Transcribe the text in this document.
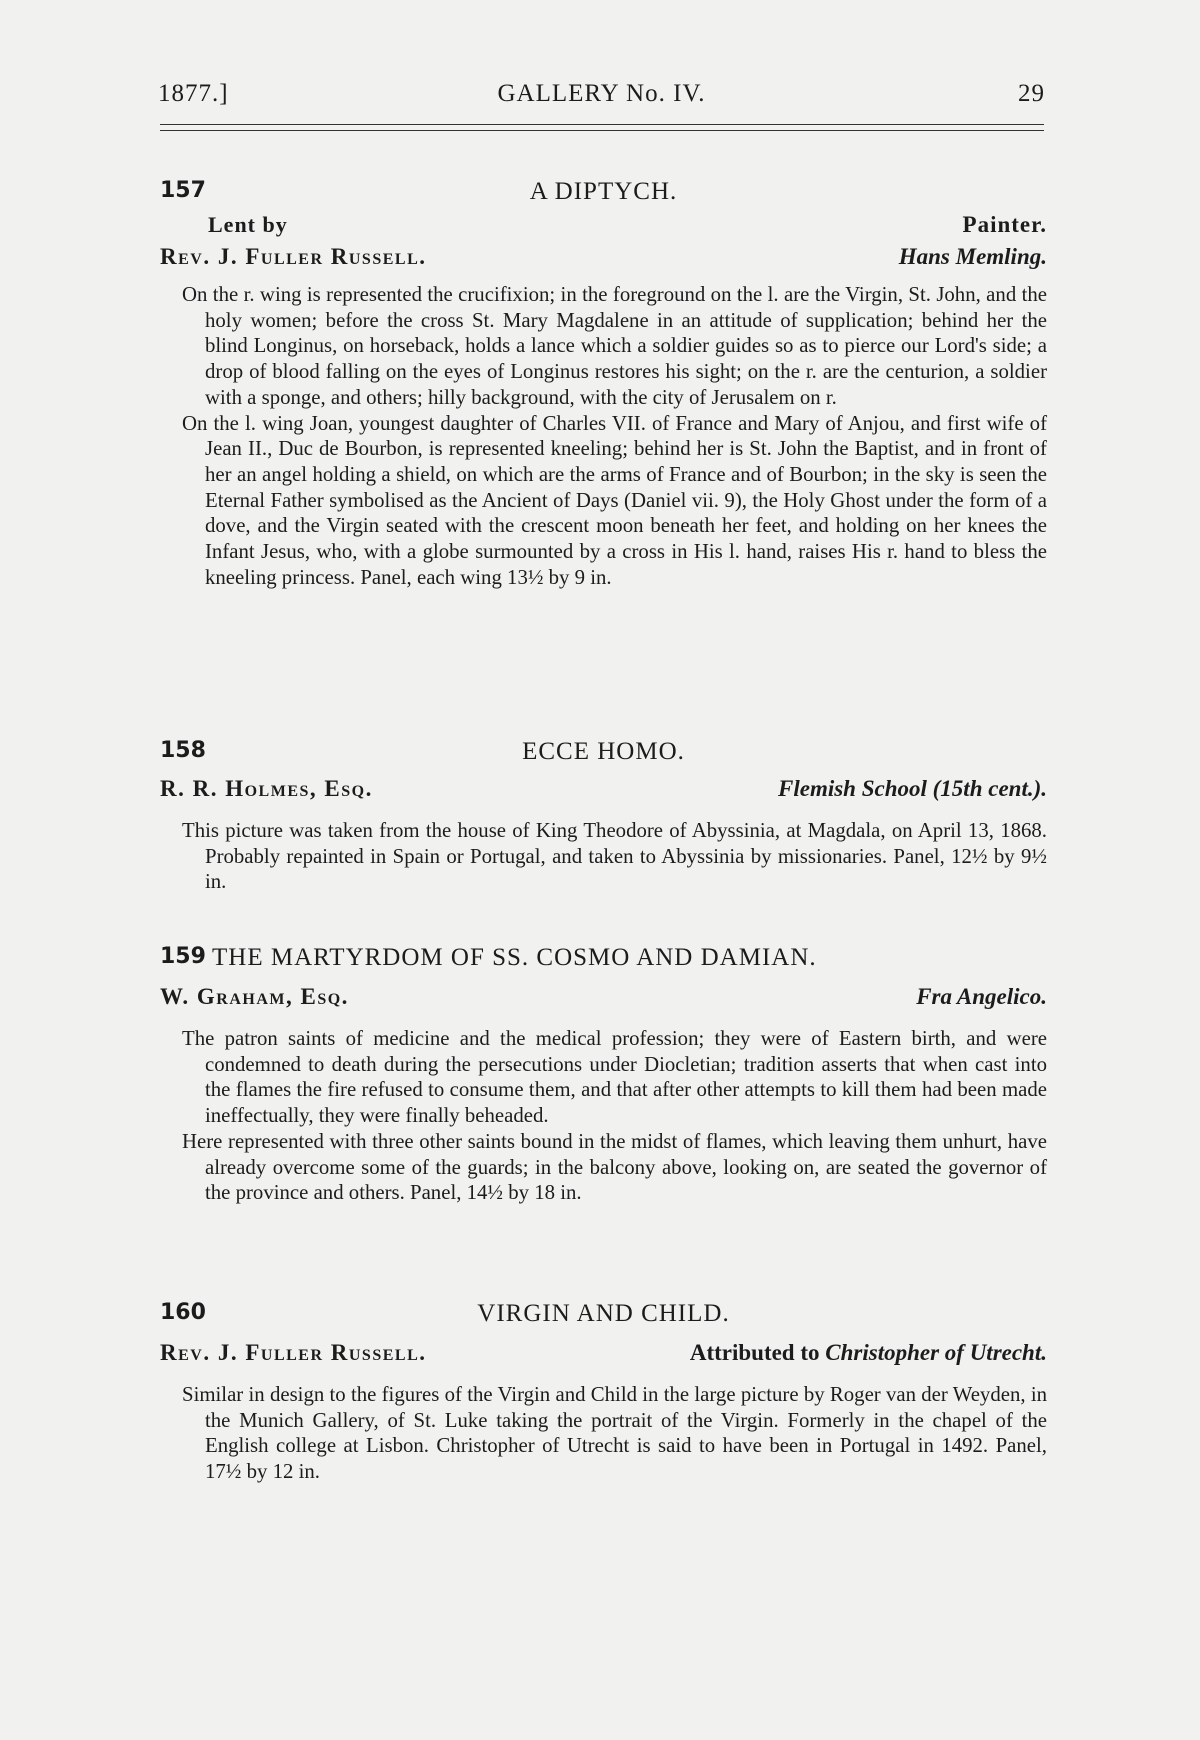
1877.]	GALLERY No. IV.	29
157	A DIPTYCH.
Lent by	Painter.
Rev. J. Fuller Russell.	Hans Memling.

On the r. wing is represented the crucifixion; in the foreground on the l. are the Virgin, St. John, and the holy women; before the cross St. Mary Magdalene in an attitude of supplication; behind her the blind Longinus, on horseback, holds a lance which a soldier guides so as to pierce our Lord's side; a drop of blood falling on the eyes of Longinus restores his sight; on the r. are the centurion, a soldier with a sponge, and others; hilly background, with the city of Jerusalem on r.

On the l. wing Joan, youngest daughter of Charles VII. of France and Mary of Anjou, and first wife of Jean II., Duc de Bourbon, is represented kneeling; behind her is St. John the Baptist, and in front of her an angel holding a shield, on which are the arms of France and of Bourbon; in the sky is seen the Eternal Father symbolised as the Ancient of Days (Daniel vii. 9), the Holy Ghost under the form of a dove, and the Virgin seated with the crescent moon beneath her feet, and holding on her knees the Infant Jesus, who, with a globe surmounted by a cross in His l. hand, raises His r. hand to bless the kneeling princess. Panel, each wing 13½ by 9 in.

158	ECCE HOMO.
R. R. Holmes, Esq.	Flemish School (15th cent.).

This picture was taken from the house of King Theodore of Abyssinia, at Magdala, on April 13, 1868. Probably repainted in Spain or Portugal, and taken to Abyssinia by missionaries. Panel, 12½ by 9½ in.

159 THE MARTYRDOM OF SS. COSMO AND DAMIAN.
W. Graham, Esq.	Fra Angelico.

The patron saints of medicine and the medical profession; they were of Eastern birth, and were condemned to death during the persecutions under Diocletian; tradition asserts that when cast into the flames the fire refused to consume them, and that after other attempts to kill them had been made ineffectually, they were finally beheaded.

Here represented with three other saints bound in the midst of flames, which leaving them unhurt, have already overcome some of the guards; in the balcony above, looking on, are seated the governor of the province and others. Panel, 14½ by 18 in.

160	VIRGIN AND CHILD.
Rev. J. Fuller Russell.	Attributed to Christopher of Utrecht.

Similar in design to the figures of the Virgin and Child in the large picture by Roger van der Weyden, in the Munich Gallery, of St. Luke taking the portrait of the Virgin. Formerly in the chapel of the English college at Lisbon. Christopher of Utrecht is said to have been in Portugal in 1492. Panel, 17½ by 12 in.
